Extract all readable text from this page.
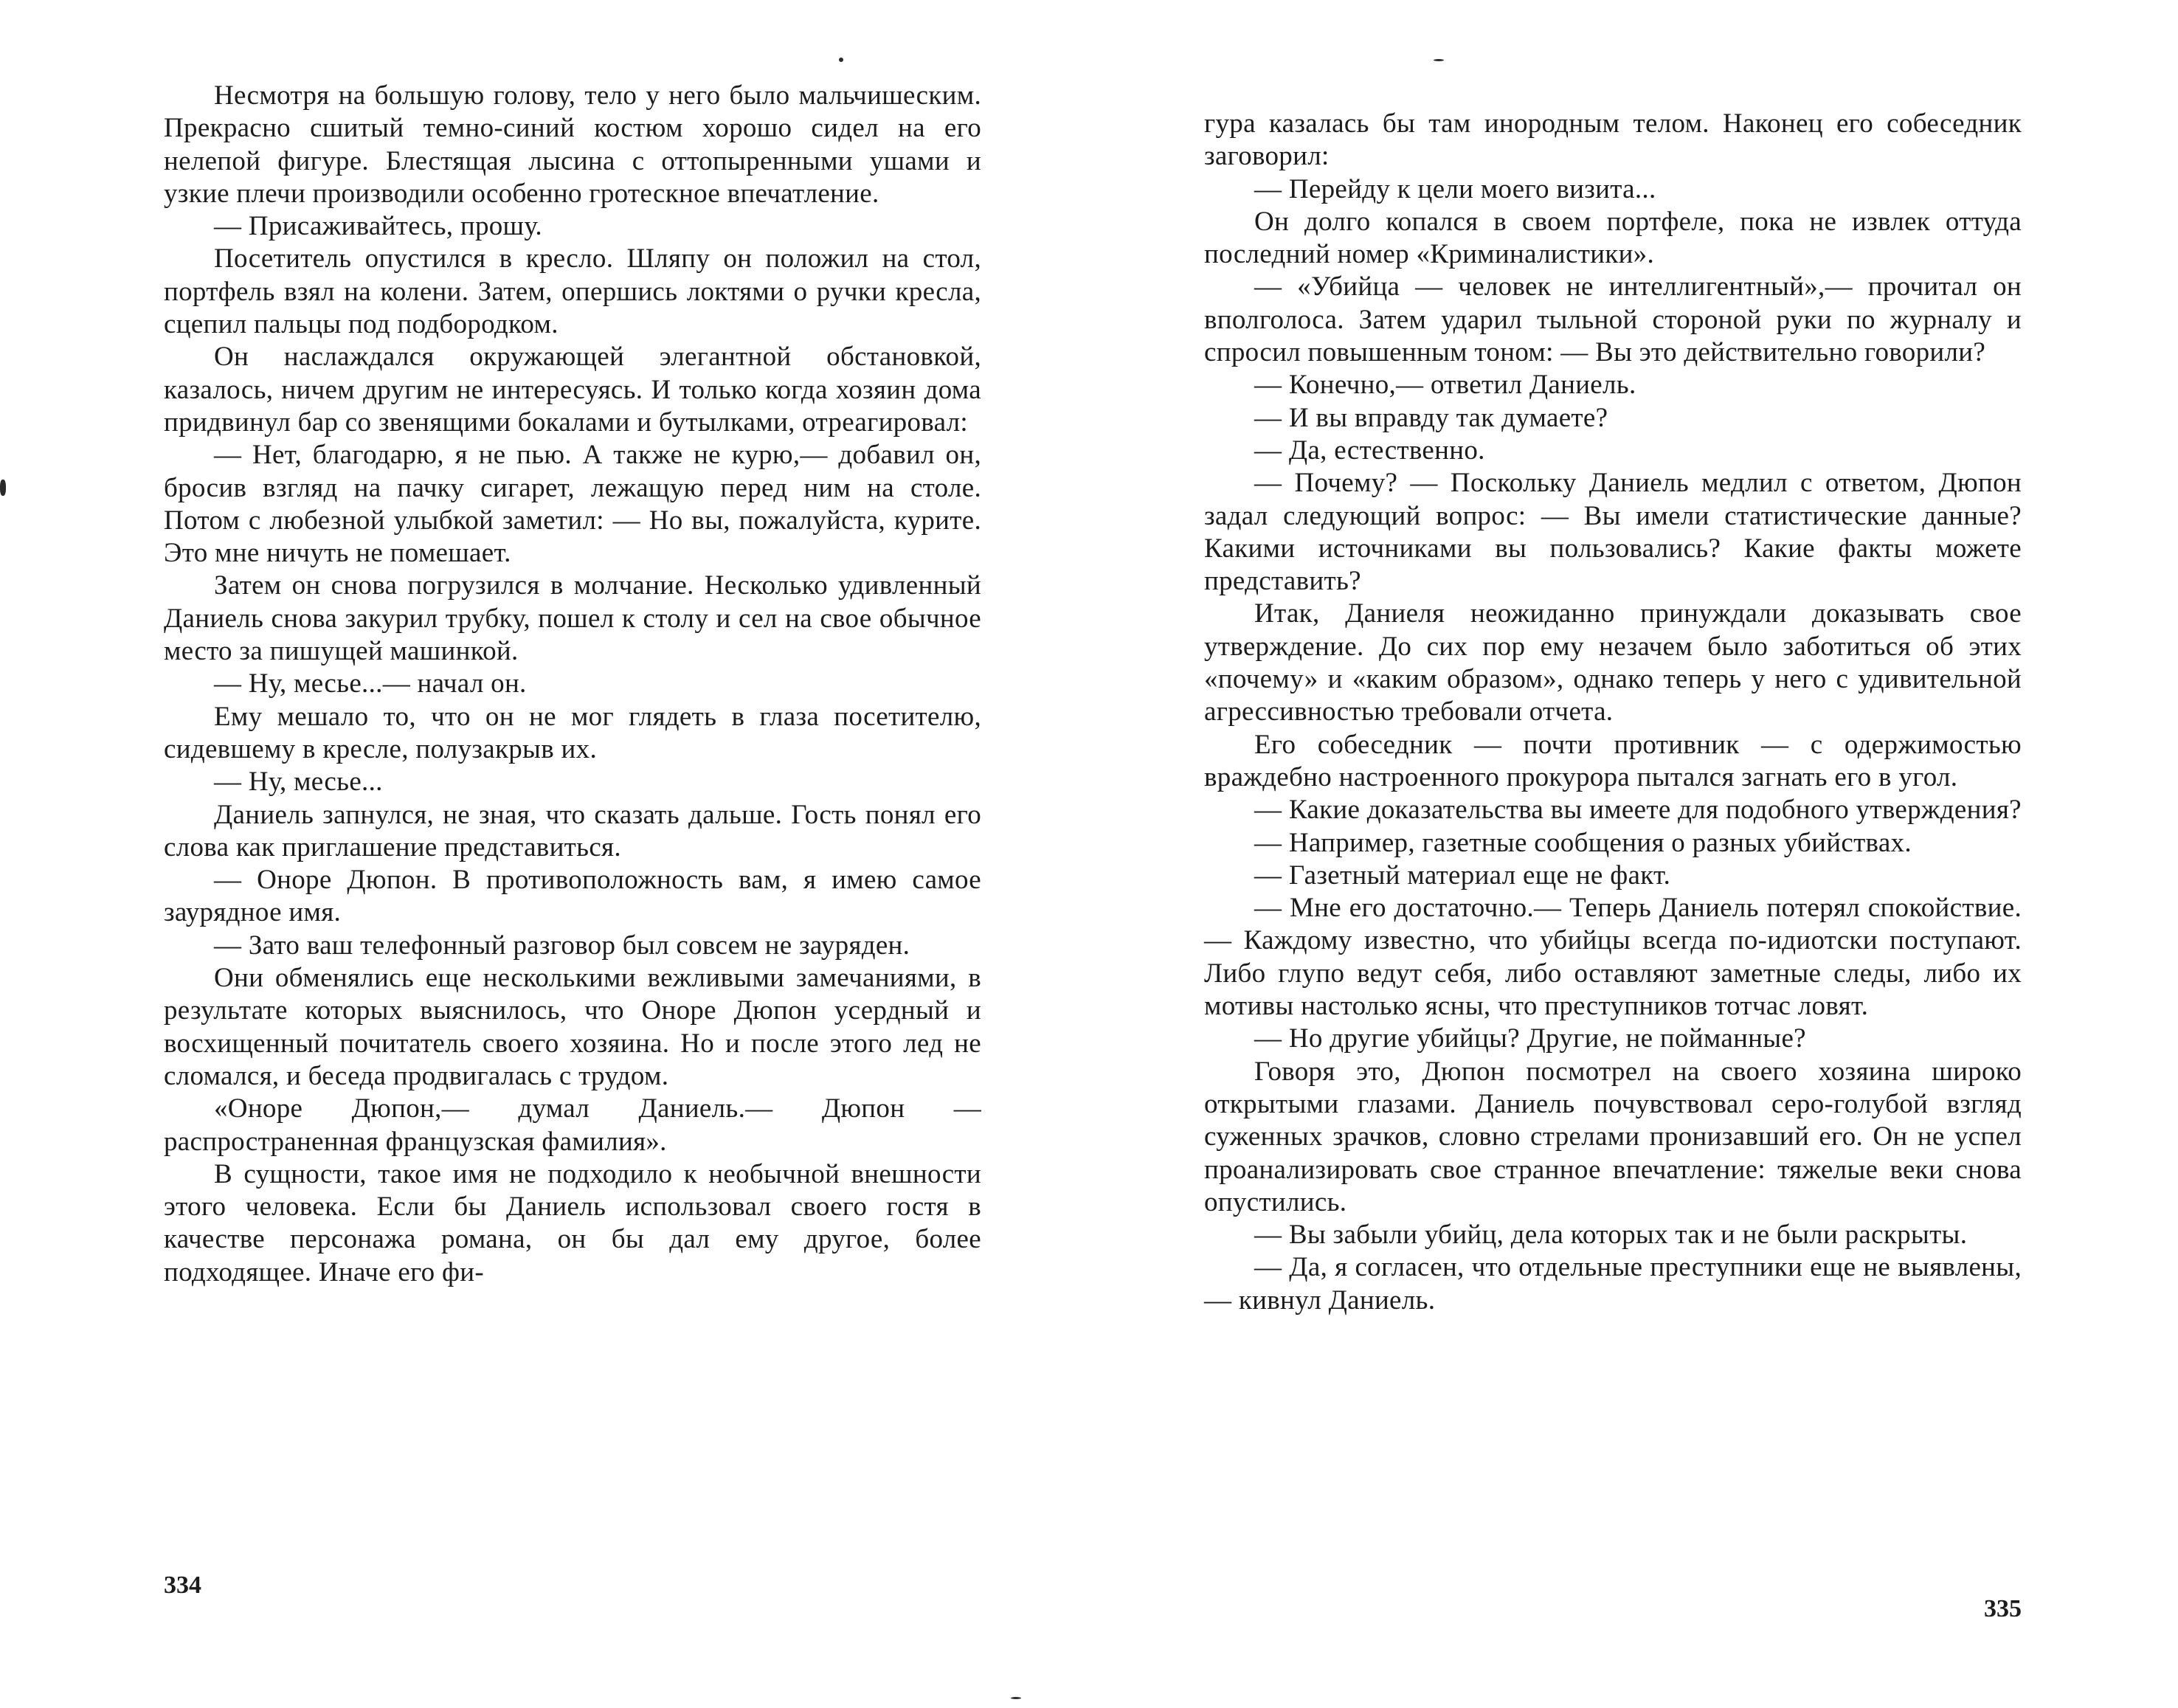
Несмотря на большую голову, тело у него было мальчишеским. Прекрасно сшитый темно-синий костюм хорошо сидел на его нелепой фигуре. Блестящая лысина с оттопыренными ушами и узкие плечи производили особенно гротескное впечатление.

— Присаживайтесь, прошу.

Посетитель опустился в кресло. Шляпу он положил на стол, портфель взял на колени. Затем, опершись локтями о ручки кресла, сцепил пальцы под подбородком.

Он наслаждался окружающей элегантной обстановкой, казалось, ничем другим не интересуясь. И только когда хозяин дома придвинул бар со звенящими бокалами и бутылками, отреагировал:

— Нет, благодарю, я не пью. А также не курю,— добавил он, бросив взгляд на пачку сигарет, лежащую перед ним на столе. Потом с любезной улыбкой заметил: — Но вы, пожалуйста, курите. Это мне ничуть не помешает.

Затем он снова погрузился в молчание. Несколько удивленный Даниель снова закурил трубку, пошел к столу и сел на свое обычное место за пишущей машинкой.

— Ну, месье...— начал он.

Ему мешало то, что он не мог глядеть в глаза посетителю, сидевшему в кресле, полузакрыв их.

— Ну, месье...

Даниель запнулся, не зная, что сказать дальше. Гость понял его слова как приглашение представиться.

— Оноре Дюпон. В противоположность вам, я имею самое заурядное имя.

— Зато ваш телефонный разговор был совсем не зауряден.

Они обменялись еще несколькими вежливыми замечаниями, в результате которых выяснилось, что Оноре Дюпон усердный и восхищенный почитатель своего хозяина. Но и после этого лед не сломался, и беседа продвигалась с трудом.

«Оноре Дюпон,— думал Даниель.— Дюпон — распространенная французская фамилия».

В сущности, такое имя не подходило к необычной внешности этого человека. Если бы Даниель использовал своего гостя в качестве персонажа романа, он бы дал ему другое, более подходящее. Иначе его фи-

334

гура казалась бы там инородным телом. Наконец его собеседник заговорил:

— Перейду к цели моего визита...

Он долго копался в своем портфеле, пока не извлек оттуда последний номер «Криминалистики».

— «Убийца — человек не интеллигентный»,— прочитал он вполголоса. Затем ударил тыльной стороной руки по журналу и спросил повышенным тоном: — Вы это действительно говорили?

— Конечно,— ответил Даниель.

— И вы вправду так думаете?

— Да, естественно.

— Почему? — Поскольку Даниель медлил с ответом, Дюпон задал следующий вопрос: — Вы имели статистические данные? Какими источниками вы пользовались? Какие факты можете представить?

Итак, Даниеля неожиданно принуждали доказывать свое утверждение. До сих пор ему незачем было заботиться об этих «почему» и «каким образом», однако теперь у него с удивительной агрессивностью требовали отчета.

Его собеседник — почти противник — с одержимостью враждебно настроенного прокурора пытался загнать его в угол.

— Какие доказательства вы имеете для подобного утверждения?

— Например, газетные сообщения о разных убийствах.

— Газетный материал еще не факт.

— Мне его достаточно.— Теперь Даниель потерял спокойствие.— Каждому известно, что убийцы всегда по-идиотски поступают. Либо глупо ведут себя, либо оставляют заметные следы, либо их мотивы настолько ясны, что преступников тотчас ловят.

— Но другие убийцы? Другие, не пойманные?

Говоря это, Дюпон посмотрел на своего хозяина широко открытыми глазами. Даниель почувствовал серо-голубой взгляд суженных зрачков, словно стрелами пронизавший его. Он не успел проанализировать свое странное впечатление: тяжелые веки снова опустились.

— Вы забыли убийц, дела которых так и не были раскрыты.

— Да, я согласен, что отдельные преступники еще не выявлены,— кивнул Даниель.

335
